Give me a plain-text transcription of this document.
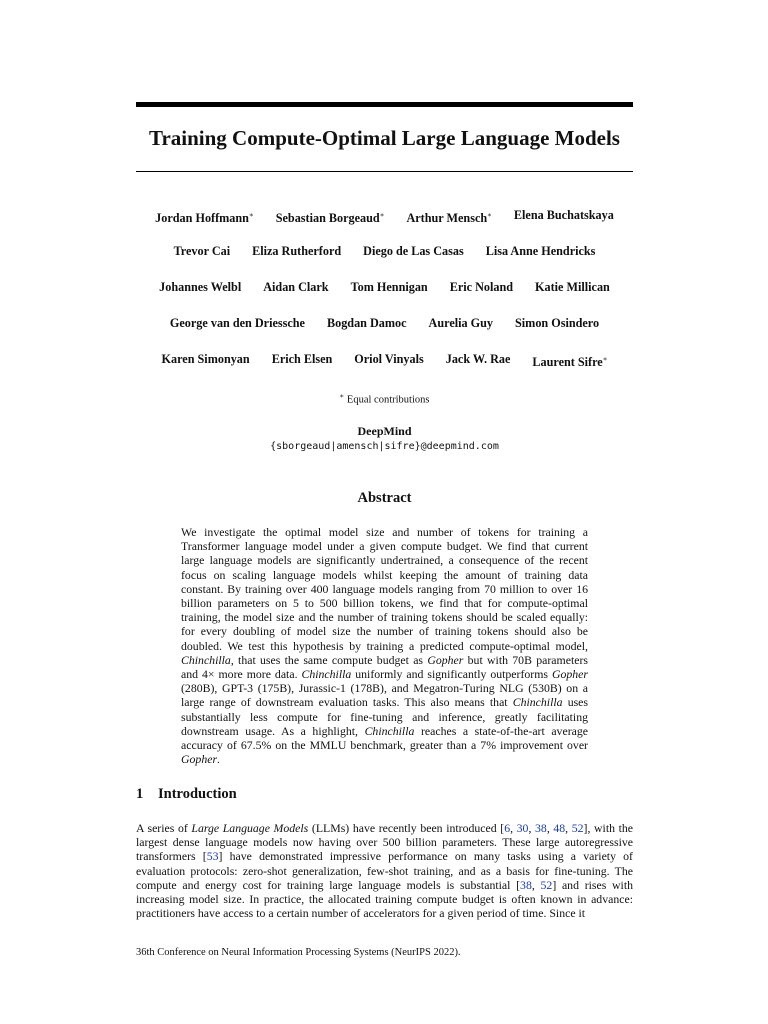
Training Compute-Optimal Large Language Models
Jordan Hoffmann∗ Sebastian Borgeaud∗ Arthur Mensch∗ Elena Buchatskaya
Trevor Cai Eliza Rutherford Diego de Las Casas Lisa Anne Hendricks
Johannes Welbl Aidan Clark Tom Hennigan Eric Noland Katie Millican
George van den Driessche Bogdan Damoc Aurelia Guy Simon Osindero
Karen Simonyan Erich Elsen Oriol Vinyals Jack W. Rae Laurent Sifre∗
∗ Equal contributions
DeepMind
{sborgeaud|amensch|sifre}@deepmind.com
Abstract
We investigate the optimal model size and number of tokens for training a Transformer language model under a given compute budget. We find that current large language models are significantly undertrained, a consequence of the recent focus on scaling language models whilst keeping the amount of training data constant. By training over 400 language models ranging from 70 million to over 16 billion parameters on 5 to 500 billion tokens, we find that for compute-optimal training, the model size and the number of training tokens should be scaled equally: for every doubling of model size the number of training tokens should also be doubled. We test this hypothesis by training a predicted compute-optimal model, Chinchilla, that uses the same compute budget as Gopher but with 70B parameters and 4× more more data. Chinchilla uniformly and significantly outperforms Gopher (280B), GPT-3 (175B), Jurassic-1 (178B), and Megatron-Turing NLG (530B) on a large range of downstream evaluation tasks. This also means that Chinchilla uses substantially less compute for fine-tuning and inference, greatly facilitating downstream usage. As a highlight, Chinchilla reaches a state-of-the-art average accuracy of 67.5% on the MMLU benchmark, greater than a 7% improvement over Gopher.
1 Introduction
A series of Large Language Models (LLMs) have recently been introduced [6, 30, 38, 48, 52], with the largest dense language models now having over 500 billion parameters. These large autoregressive transformers [53] have demonstrated impressive performance on many tasks using a variety of evaluation protocols: zero-shot generalization, few-shot training, and as a basis for fine-tuning. The compute and energy cost for training large language models is substantial [38, 52] and rises with increasing model size. In practice, the allocated training compute budget is often known in advance: practitioners have access to a certain number of accelerators for a given period of time. Since it
36th Conference on Neural Information Processing Systems (NeurIPS 2022).
